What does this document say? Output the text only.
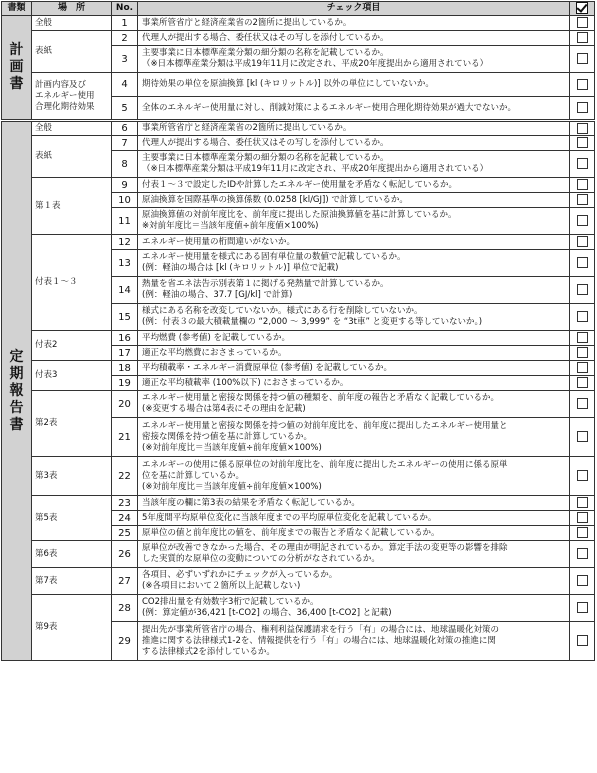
書類	場　所	No.	チェック項目	

計
画
書	全般	1	事業所管省庁と経済産業省の2箇所に提出しているか。	

	表紙	2	代理人が提出する場合、委任状又はその写しを添付しているか。	

		3	主要事業に日本標準産業分類の細分類の名称を記載しているか。
（※日本標準産業分類は平成19年11月に改定され、平成20年度提出から適用されている）	

	計画内容及び
エネルギー使用
合理化期待効果	4	期待効果の単位を原油換算 [kl (キロリットル)] 以外の単位にしていないか。	

		5	全体のエネルギー使用量に対し、削減対策によるエネルギー使用合理化期待効果が過大でないか。	

定
期
報
告
書	全般	6	事業所管省庁と経済産業省の2箇所に提出しているか。	

	表紙	7	代理人が提出する場合、委任状又はその写しを添付しているか。	

		8	主要事業に日本標準産業分類の細分類の名称を記載しているか。
（※日本標準産業分類は平成19年11月に改定され、平成20年度提出から適用されている）	

	第１表	9	付表１～３で設定したIDや計算したエネルギー使用量を矛盾なく転記しているか。	

		10	原油換算を国際基準の換算係数 (0.0258 [kl/GJ]) で計算しているか。	

		11	原油換算値の対前年度比を、前年度に提出した原油換算値を基に計算しているか。
※対前年度比＝当該年度値÷前年度値×100%)	

	付表１～３	12	エネルギー使用量の桁間違いがないか。	

		13	エネルギー使用量を様式にある固有単位量の数値で記載しているか。
(例：軽油の場合は [kl (キロリットル)] 単位で記載)	

		14	熱量を省エネ法告示別表第１に掲げる発熱量で計算しているか。
(例：軽油の場合、37.7 [GJ/kl] で計算)	

		15	様式にある名称を改変していないか。様式にある行を削除していないか。
(例：付表３の最大積載量欄の “2,000 ～ 3,999” を “3t車” と変更する等していないか。)	

	付表2	16	平均燃費 (参考値) を記載しているか。	

		17	適正な平均燃費におさまっているか。	

	付表3	18	平均積載率・エネルギー消費原単位 (参考値) を記載しているか。	

		19	適正な平均積載率 (100%以下) におさまっているか。	

	第2表	20	エネルギー使用量と密接な関係を持つ値の種類を、前年度の報告と矛盾なく記載しているか。
(※変更する場合は第4表にその理由を記載)	

		21	エネルギー使用量と密接な関係を持つ値の対前年度比を、前年度に提出したエネルギー使用量と
密接な関係を持つ値を基に計算しているか。
(※対前年度比＝当該年度値÷前年度値×100%)	

	第3表	22	エネルギーの使用に係る原単位の対前年度比を、前年度に提出したエネルギーの使用に係る原単
位を基に計算しているか。
(※対前年度比＝当該年度値÷前年度値×100%)	

	第5表	23	当該年度の欄に第3表の結果を矛盾なく転記しているか。	

		24	5年度間平均原単位変化に当該年度までの平均原単位変化を記載しているか。	

		25	原単位の値と前年度比の値を、前年度までの報告と矛盾なく記載しているか。	

	第6表	26	原単位が改善できなかった場合、その理由が明記されているか。算定手法の変更等の影響を排除
した実質的な原単位の変動についての分析がなされているか。	

	第7表	27	各項目、必ずいずれかにチェックが入っているか。
(※各項目において２箇所以上記載しない)	

	第9表	28	CO2排出量を有効数字3桁で記載しているか。
(例：算定値が36,421 [t-CO2] の場合、36,400 [t-CO2] と記載)	

		29	提出先が事業所管省庁の場合、権利利益保護請求を行う「有」の場合には、地球温暖化対策の
推進に関する法律様式1-2を、情報提供を行う「有」の場合には、地球温暖化対策の推進に関
する法律様式2を添付しているか。	
